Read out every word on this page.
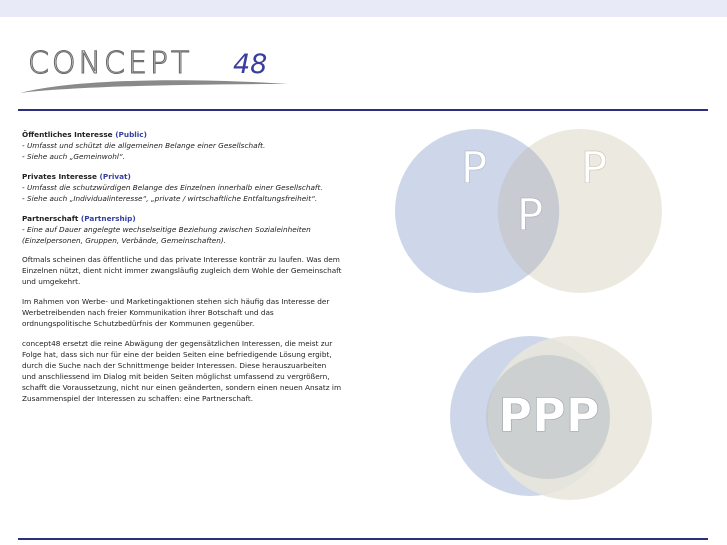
CONCEPT 48
Öffentliches Interesse (Public)
- Umfasst und schützt die allgemeinen Belange einer Gesellschaft.
- Siehe auch „Gemeinwohl“.
Privates Interesse (Privat)
- Umfasst die schutzwürdigen Belange des Einzelnen innerhalb einer Gesellschaft.
- Siehe auch „Individualinteresse“, „private / wirtschaftliche Entfaltungsfreiheit“.
Partnerschaft (Partnership)
- Eine auf Dauer angelegte wechselseitige Beziehung zwischen Sozialeinheiten (Einzelpersonen, Gruppen, Verbände, Gemeinschaften).

Oftmals scheinen das öffentliche und das private Interesse konträr zu laufen. Was dem Einzelnen nützt, dient nicht immer zwangsläufig zugleich dem Wohle der Gemeinschaft und umgekehrt.

Im Rahmen von Werbe- und Marketingaktionen stehen sich häufig das Interesse der Werbetreibenden nach freier Kommunikation ihrer Botschaft und das ordnungspolitische Schutzbedürfnis der Kommunen gegenüber.

concept48 ersetzt die reine Abwägung der gegensätzlichen Interessen, die meist zur Folge hat, dass sich nur für eine der beiden Seiten eine befriedigende Lösung ergibt, durch die Suche nach der Schnittmenge beider Interessen. Diese herauszuarbeiten und anschliessend im Dialog mit beiden Seiten möglichst umfassend zu vergrößern, schafft die Voraussetzung, nicht nur einen geänderten, sondern einen neuen Ansatz im Zusammenspiel der Interessen zu schaffen: eine Partnerschaft.

P P
P
PPP
